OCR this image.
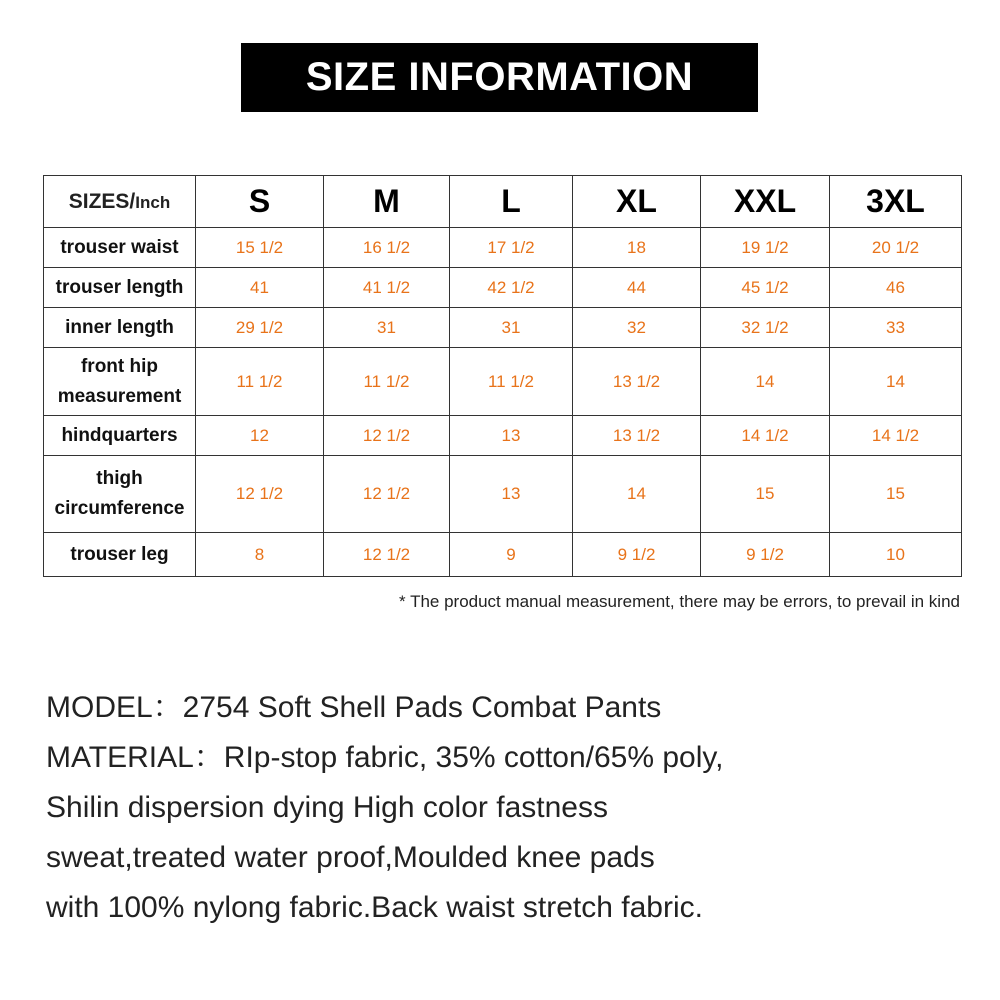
SIZE INFORMATION
SIZES/Inch	S	M	L	XL	XXL	3XL
trouser waist	15 1/2	16 1/2	17 1/2	18	19 1/2	20 1/2
trouser length	41	41 1/2	42 1/2	44	45 1/2	46
inner length	29 1/2	31	31	32	32 1/2	33

front hip
measurement	11 1/2	11 1/2	11 1/2	13 1/2	14	14
hindquarters	12	12 1/2	13	13 1/2	14 1/2	14 1/2

thigh
circumference	12 1/2	12 1/2	13	14	15	15
trouser leg	8	12 1/2	9	9 1/2	9 1/2	10
* The product manual measurement, there may be errors, to prevail in kind
MODEL：2754 Soft Shell Pads Combat Pants
MATERIAL：RIp-stop fabric, 35% cotton/65% poly,
Shilin dispersion dying High color fastness
sweat,treated water proof,Moulded knee pads
with 100% nylong fabric.Back waist stretch fabric.
